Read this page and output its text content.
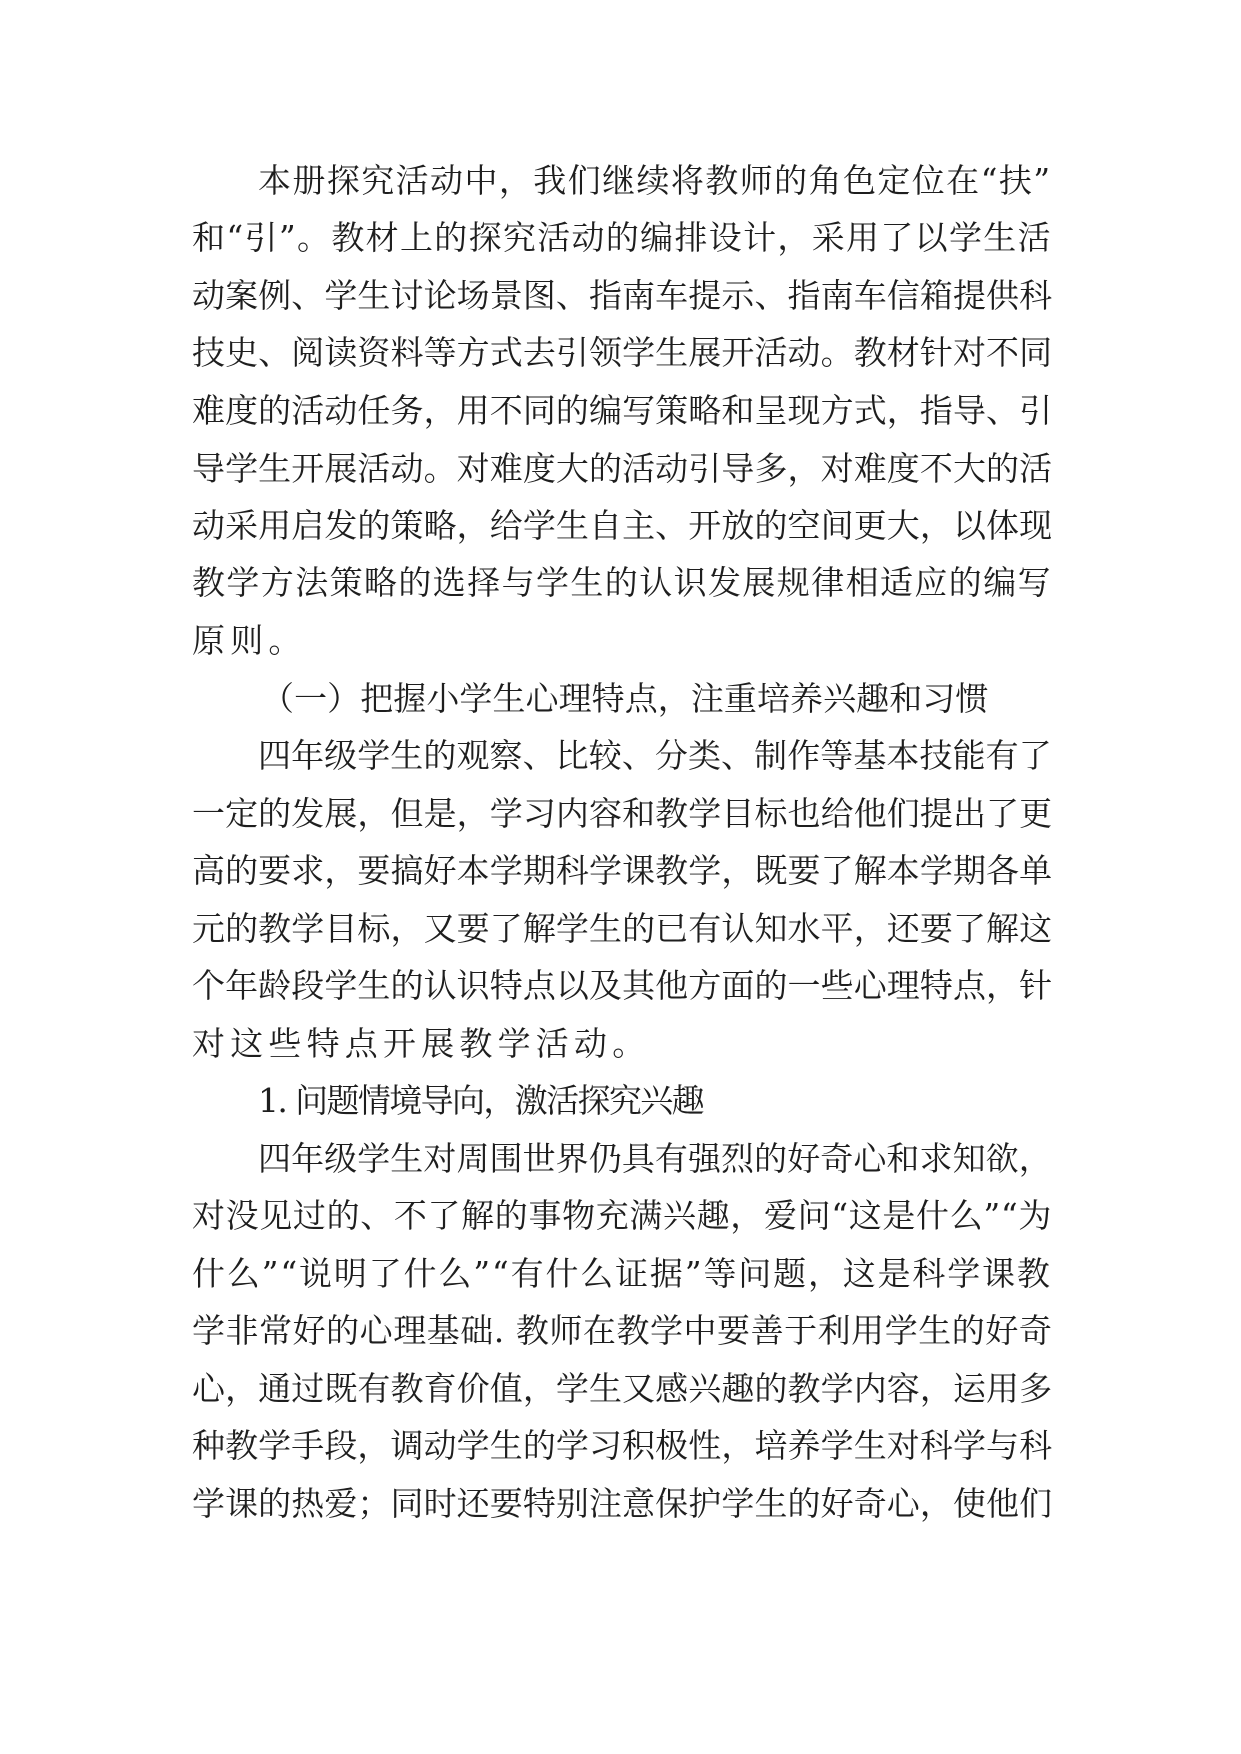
本册探究活动中，我们继续将教师的角色定位在“扶”
和“引”。教材上的探究活动的编排设计，采用了以学生活
动案例、学生讨论场景图、指南车提示、指南车信箱提供科
技史、阅读资料等方式去引领学生展开活动。教材针对不同
难度的活动任务，用不同的编写策略和呈现方式，指导、引
导学生开展活动。对难度大的活动引导多，对难度不大的活
动采用启发的策略，给学生自主、开放的空间更大，以体现
教学方法策略的选择与学生的认识发展规律相适应的编写
原则。
（一）把握小学生心理特点，注重培养兴趣和习惯
四年级学生的观察、比较、分类、制作等基本技能有了
一定的发展，但是，学习内容和教学目标也给他们提出了更
高的要求，要搞好本学期科学课教学，既要了解本学期各单
元的教学目标，又要了解学生的已有认知水平，还要了解这
个年龄段学生的认识特点以及其他方面的一些心理特点，针
对这些特点开展教学活动。
1. 问题情境导向，激活探究兴趣
四年级学生对周围世界仍具有强烈的好奇心和求知欲，
对没见过的、不了解的事物充满兴趣，爱问“这是什么”“为
什么”“说明了什么”“有什么证据”等问题，这是科学课教
学非常好的心理基础. 教师在教学中要善于利用学生的好奇
心，通过既有教育价值，学生又感兴趣的教学内容，运用多
种教学手段，调动学生的学习积极性，培养学生对科学与科
学课的热爱；同时还要特别注意保护学生的好奇心，使他们
